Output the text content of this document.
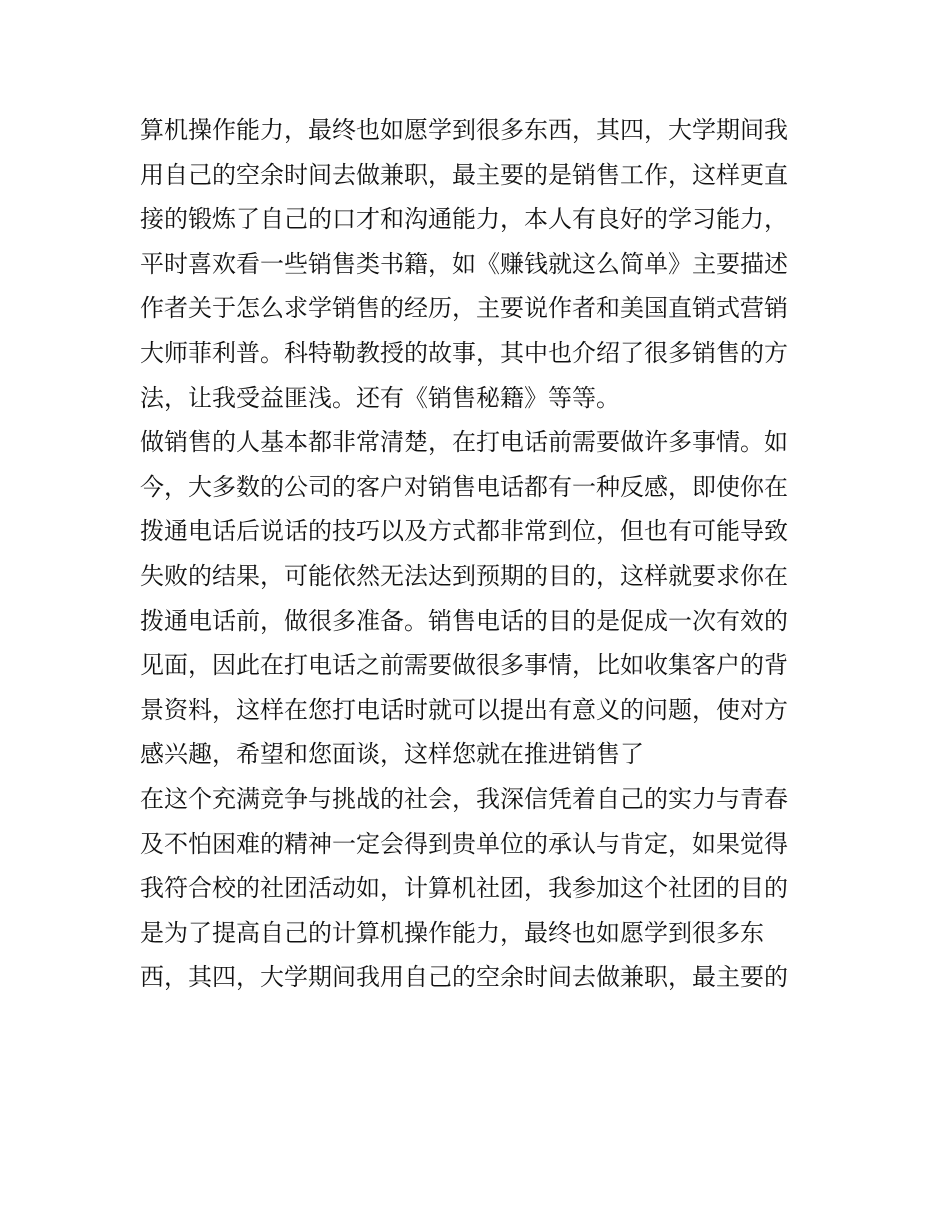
算机操作能力，最终也如愿学到很多东西，其四，大学期间我
用自己的空余时间去做兼职，最主要的是销售工作，这样更直
接的锻炼了自己的口才和沟通能力，本人有良好的学习能力，
平时喜欢看一些销售类书籍，如《赚钱就这么简单》主要描述
作者关于怎么求学销售的经历，主要说作者和美国直销式营销
大师菲利普。科特勒教授的故事，其中也介绍了很多销售的方
法，让我受益匪浅。还有《销售秘籍》等等。
做销售的人基本都非常清楚，在打电话前需要做许多事情。如
今，大多数的公司的客户对销售电话都有一种反感，即使你在
拨通电话后说话的技巧以及方式都非常到位，但也有可能导致
失败的结果，可能依然无法达到预期的目的，这样就要求你在
拨通电话前，做很多准备。销售电话的目的是促成一次有效的
见面，因此在打电话之前需要做很多事情，比如收集客户的背
景资料，这样在您打电话时就可以提出有意义的问题，使对方
感兴趣，希望和您面谈，这样您就在推进销售了
在这个充满竞争与挑战的社会，我深信凭着自己的实力与青春
及不怕困难的精神一定会得到贵单位的承认与肯定，如果觉得
我符合校的社团活动如，计算机社团，我参加这个社团的目的
是为了提高自己的计算机操作能力，最终也如愿学到很多东
西，其四，大学期间我用自己的空余时间去做兼职，最主要的
